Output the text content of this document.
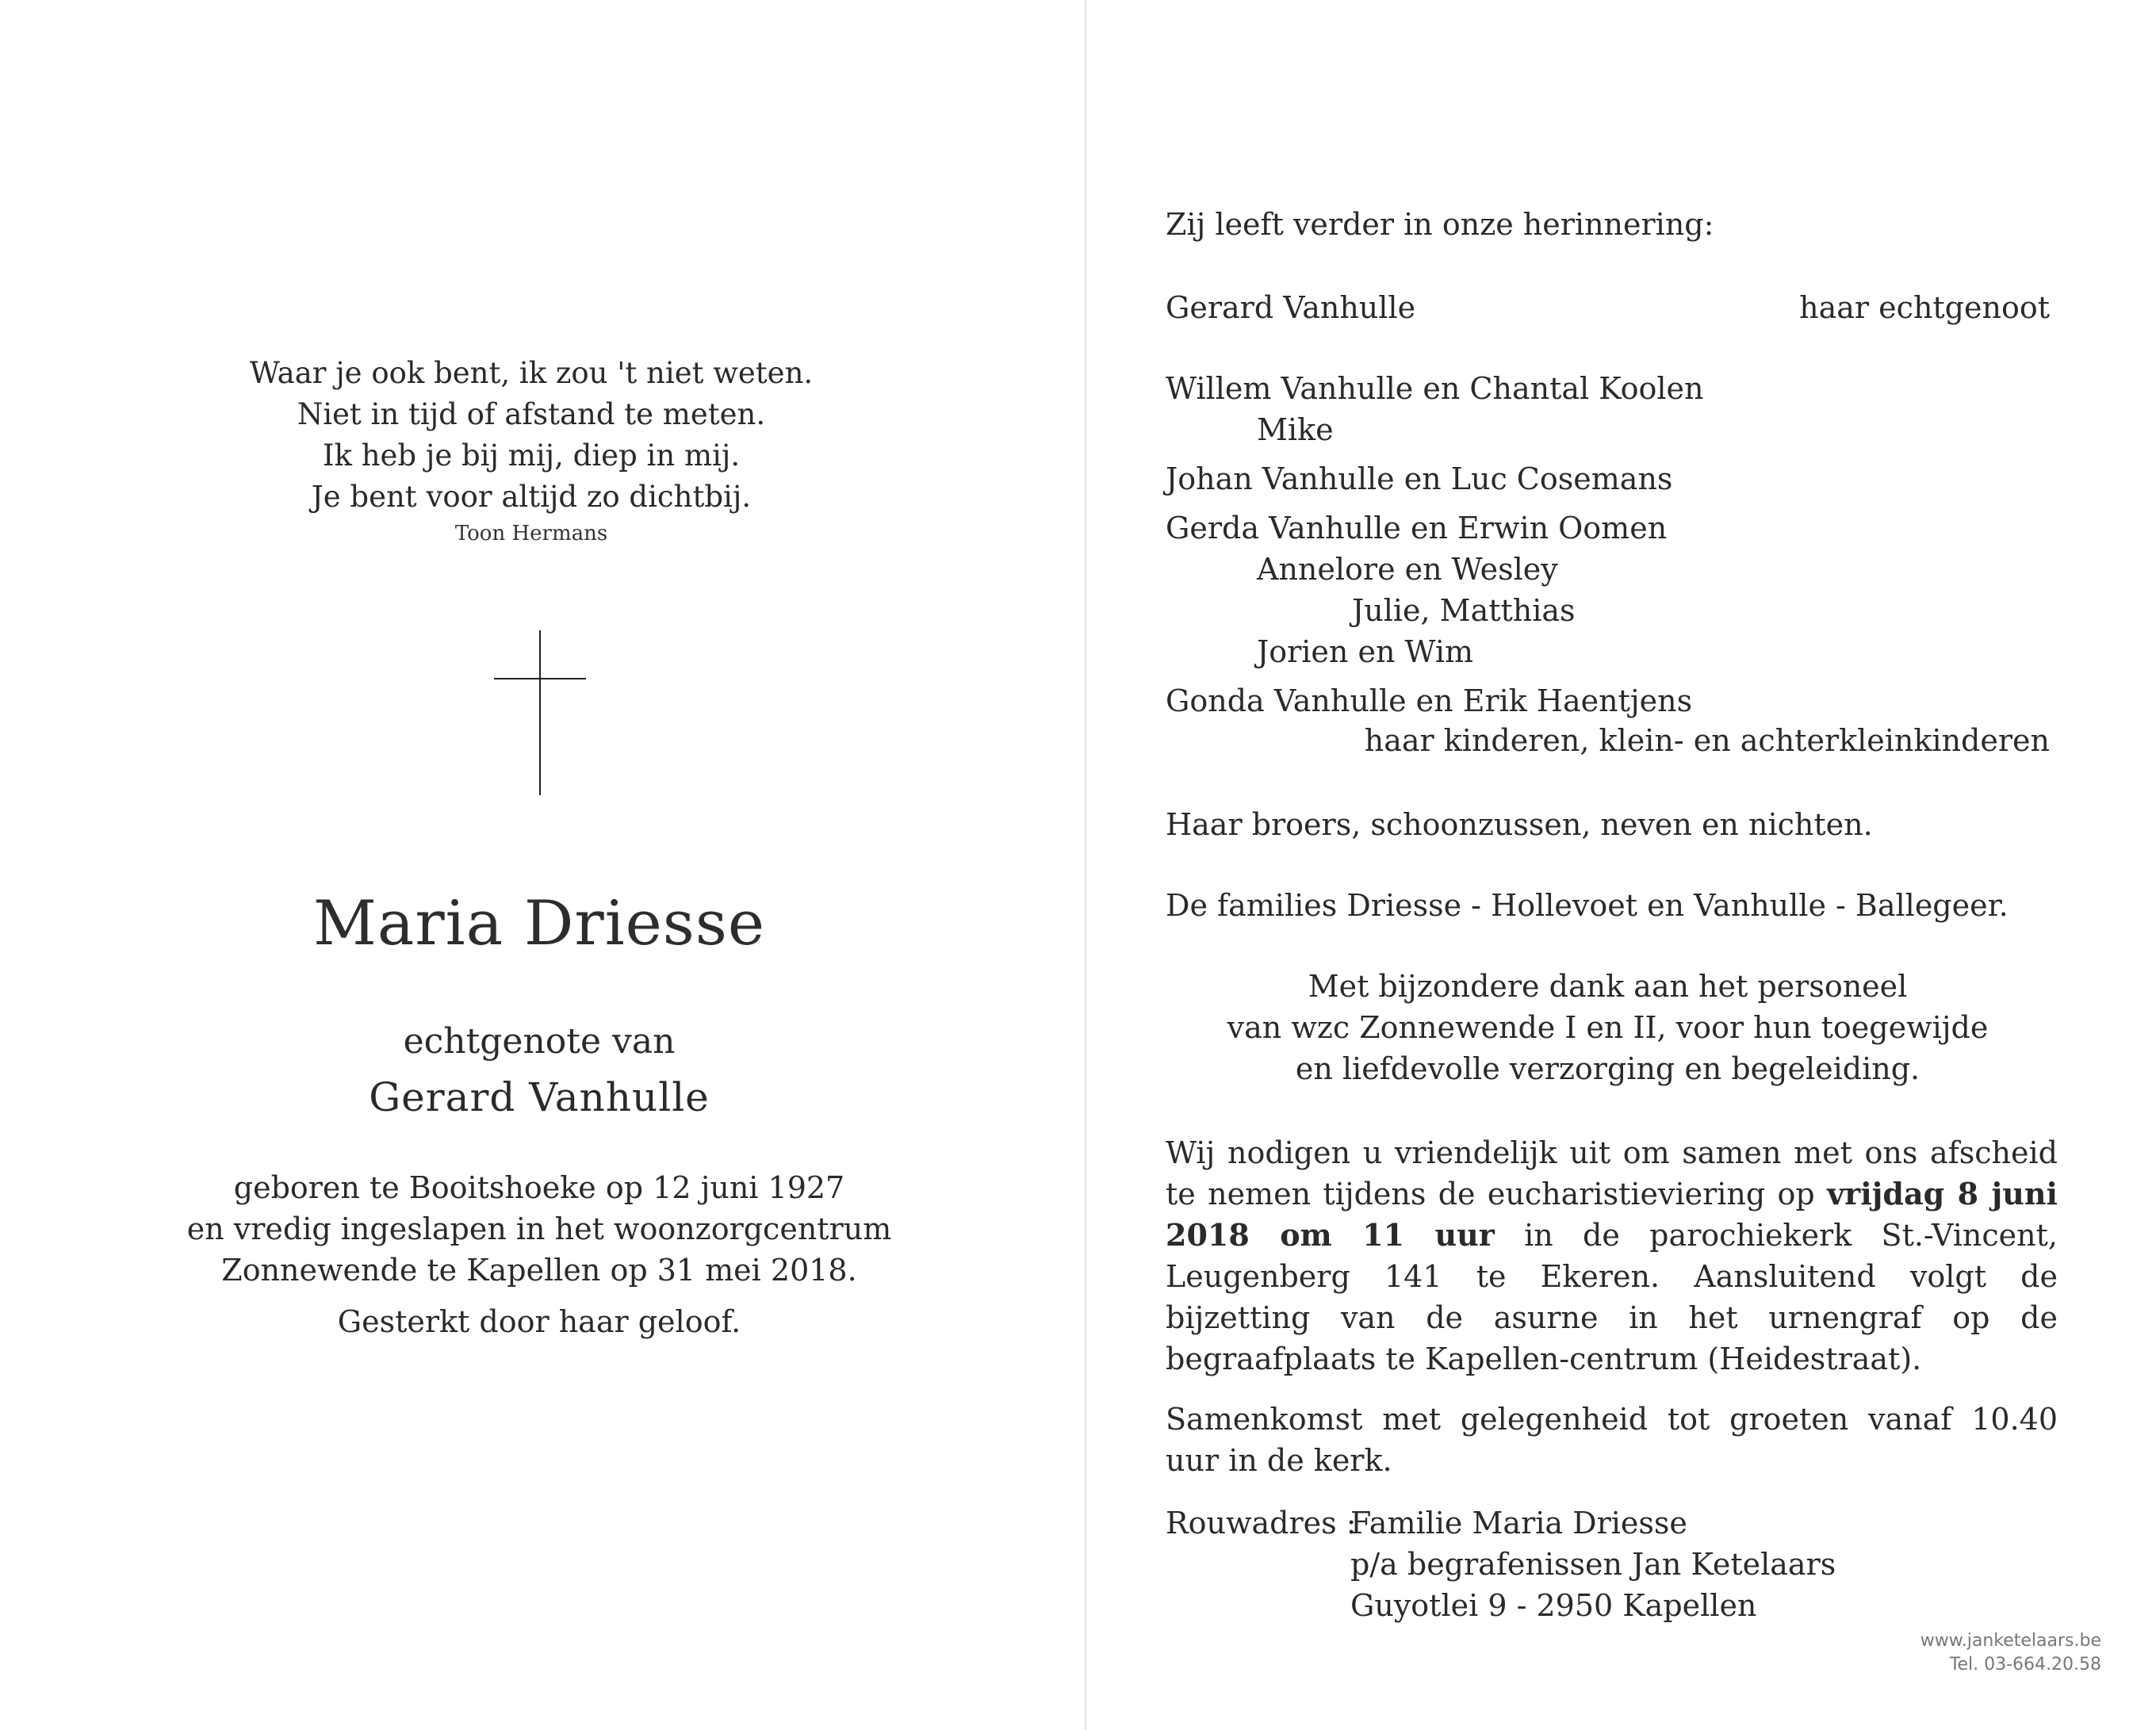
Waar je ook bent, ik zou 't niet weten.
Niet in tijd of afstand te meten.
Ik heb je bij mij, diep in mij.
Je bent voor altijd zo dichtbij.
Toon Hermans
Maria Driesse
echtgenote van
Gerard Vanhulle
geboren te Booitshoeke op 12 juni 1927
en vredig ingeslapen in het woonzorgcentrum
Zonnewende te Kapellen op 31 mei 2018.
Gesterkt door haar geloof.
Zij leeft verder in onze herinnering:
Gerard Vanhulle	haar echtgenoot
Willem Vanhulle en Chantal Koolen
Mike
Johan Vanhulle en Luc Cosemans
Gerda Vanhulle en Erwin Oomen
Annelore en Wesley
Julie, Matthias
Jorien en Wim
Gonda Vanhulle en Erik Haentjens
haar kinderen, klein- en achterkleinkinderen
Haar broers, schoonzussen, neven en nichten.
De families Driesse - Hollevoet en Vanhulle - Ballegeer.
Met bijzondere dank aan het personeel
van wzc Zonnewende I en II, voor hun toegewijde
en liefdevolle verzorging en begeleiding.
Wij nodigen u vriendelijk uit om samen met ons afscheid te nemen tijdens de eucharistieviering op vrijdag 8 juni 2018 om 11 uur in de parochiekerk St.-Vincent, Leugenberg 141 te Ekeren. Aansluitend volgt de bijzetting van de asurne in het urnengraf op de begraafplaats te Kapellen-centrum (Heidestraat).
Samenkomst met gelegenheid tot groeten vanaf 10.40 uur in de kerk.
Rouwadres :
Familie Maria Driesse
p/a begrafenissen Jan Ketelaars
Guyotlei 9 - 2950 Kapellen
www.janketelaars.be
Tel. 03-664.20.58
